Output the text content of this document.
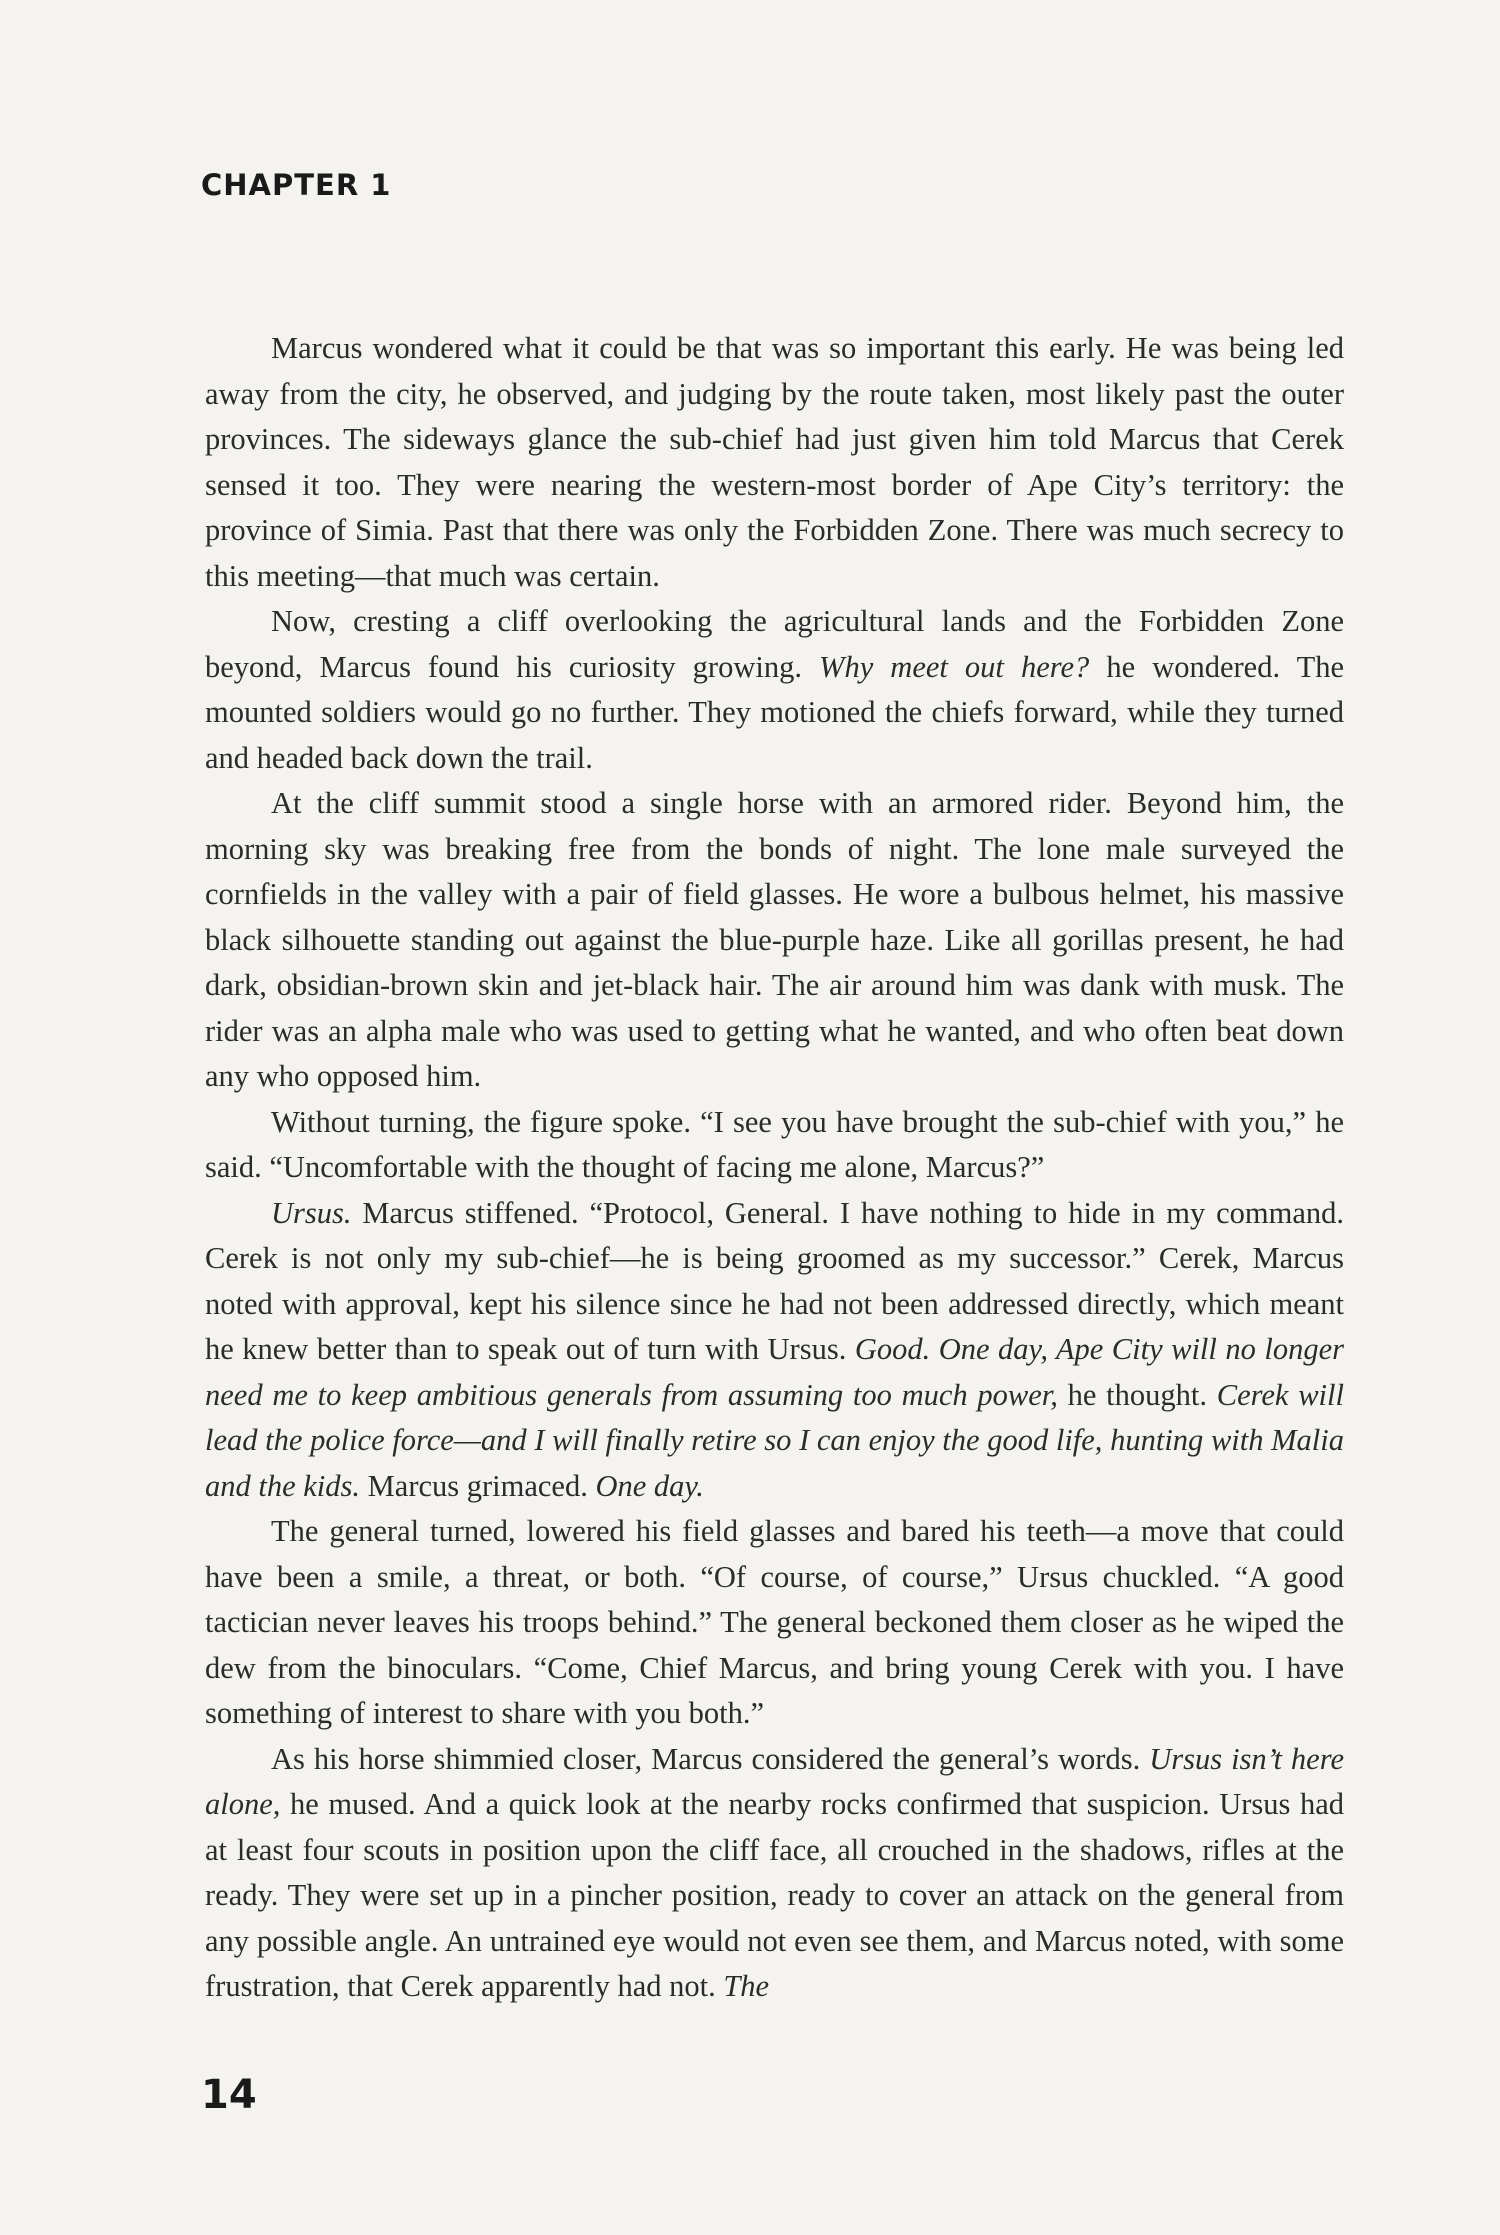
CHAPTER 1

Marcus wondered what it could be that was so important this early. He was being led away from the city, he observed, and judging by the route taken, most likely past the outer provinces. The sideways glance the sub-chief had just given him told Marcus that Cerek sensed it too. They were nearing the western-most border of Ape City’s territory: the province of Simia. Past that there was only the Forbidden Zone. There was much secrecy to this meeting—that much was certain.

Now, cresting a cliff overlooking the agricultural lands and the Forbidden Zone beyond, Marcus found his curiosity growing. Why meet out here? he wondered. The mounted soldiers would go no further. They motioned the chiefs forward, while they turned and headed back down the trail.

At the cliff summit stood a single horse with an armored rider. Beyond him, the morning sky was breaking free from the bonds of night. The lone male surveyed the cornfields in the valley with a pair of field glasses. He wore a bulbous helmet, his massive black silhouette standing out against the blue-purple haze. Like all gorillas present, he had dark, obsidian-brown skin and jet-black hair. The air around him was dank with musk. The rider was an alpha male who was used to getting what he wanted, and who often beat down any who opposed him.

Without turning, the figure spoke. “I see you have brought the sub-chief with you,” he said. “Uncomfortable with the thought of facing me alone, Marcus?”

Ursus. Marcus stiffened. “Protocol, General. I have nothing to hide in my command. Cerek is not only my sub-chief—he is being groomed as my successor.” Cerek, Marcus noted with approval, kept his silence since he had not been addressed directly, which meant he knew better than to speak out of turn with Ursus. Good. One day, Ape City will no longer need me to keep ambitious generals from assuming too much power, he thought. Cerek will lead the police force—and I will finally retire so I can enjoy the good life, hunting with Malia and the kids. Marcus grimaced. One day.

The general turned, lowered his field glasses and bared his teeth—a move that could have been a smile, a threat, or both. “Of course, of course,” Ursus chuckled. “A good tactician never leaves his troops behind.” The general beckoned them closer as he wiped the dew from the binoculars. “Come, Chief Marcus, and bring young Cerek with you. I have something of interest to share with you both.”

As his horse shimmied closer, Marcus considered the general’s words. Ursus isn’t here alone, he mused. And a quick look at the nearby rocks confirmed that suspicion. Ursus had at least four scouts in position upon the cliff face, all crouched in the shadows, rifles at the ready. They were set up in a pincher position, ready to cover an attack on the general from any possible angle. An untrained eye would not even see them, and Marcus noted, with some frustration, that Cerek apparently had not. The

14
